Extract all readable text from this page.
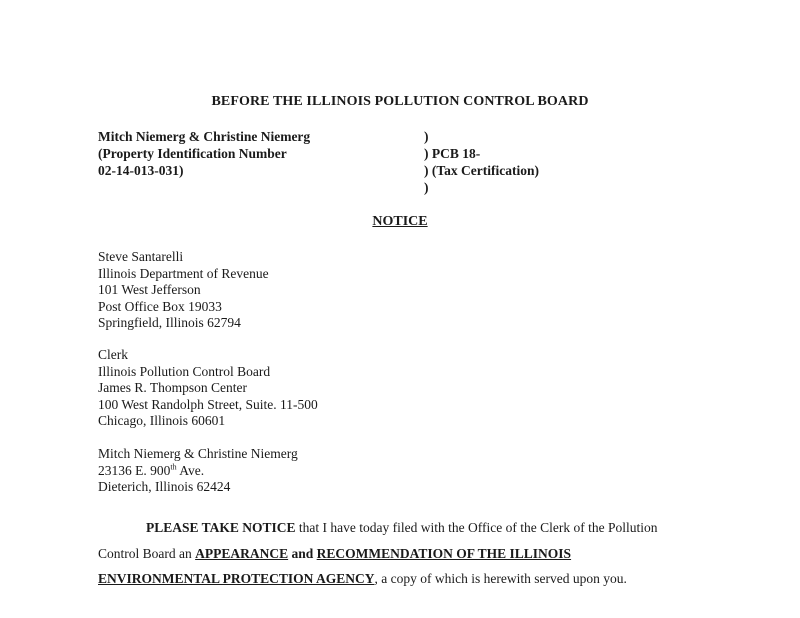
BEFORE THE ILLINOIS POLLUTION CONTROL BOARD
Mitch Niemerg & Christine Niemerg
(Property Identification Number
02-14-013-031)
)
) PCB 18-
) (Tax Certification)
)
NOTICE
Steve Santarelli
Illinois Department of Revenue
101 West Jefferson
Post Office Box 19033
Springfield, Illinois 62794
Clerk
Illinois Pollution Control Board
James R. Thompson Center
100 West Randolph Street, Suite. 11-500
Chicago, Illinois 60601
Mitch Niemerg & Christine Niemerg
23136 E. 900th Ave.
Dieterich, Illinois 62424
PLEASE TAKE NOTICE that I have today filed with the Office of the Clerk of the Pollution
Control Board an APPEARANCE and RECOMMENDATION OF THE ILLINOIS
ENVIRONMENTAL PROTECTION AGENCY, a copy of which is herewith served upon you.
